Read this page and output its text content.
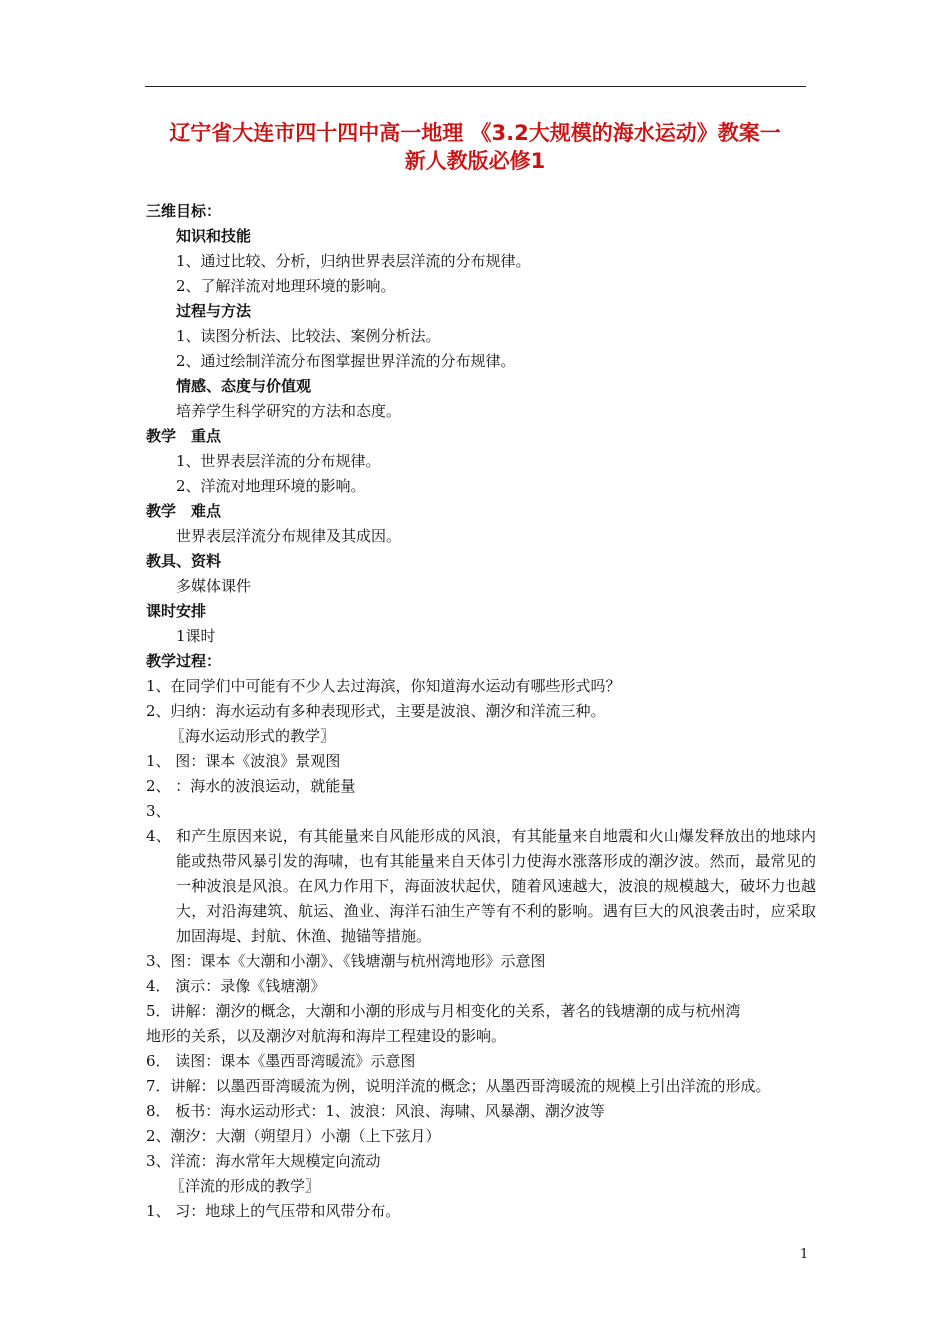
辽宁省大连市四十四中高一地理 《3.2大规模的海水运动》教案一
新人教版必修1
三维目标：
知识和技能
1、通过比较、分析，归纳世界表层洋流的分布规律。
2、了解洋流对地理环境的影响。
过程与方法
1、读图分析法、比较法、案例分析法。
2、通过绘制洋流分布图掌握世界洋流的分布规律。
情感、态度与价值观
培养学生科学研究的方法和态度。
教学　重点
1、世界表层洋流的分布规律。
2、洋流对地理环境的影响。
教学　难点
世界表层洋流分布规律及其成因。
教具、资料
多媒体课件
课时安排
1课时
教学过程：
1、在同学们中可能有不少人去过海滨，你知道海水运动有哪些形式吗？
2、归纳：海水运动有多种表现形式，主要是波浪、潮汐和洋流三种。
〖海水运动形式的教学〗
1、 图：课本《波浪》景观图
2、 ：海水的波浪运动，就能量
3、
4、 和产生原因来说，有其能量来自风能形成的风浪，有其能量来自地震和火山爆发释放出的地球内能或热带风暴引发的海啸，也有其能量来自天体引力使海水涨落形成的潮汐波。然而，最常见的一种波浪是风浪。在风力作用下，海面波状起伏，随着风速越大，波浪的规模越大，破坏力也越大，对沿海建筑、航运、渔业、海洋石油生产等有不利的影响。遇有巨大的风浪袭击时，应采取加固海堤、封航、休渔、抛锚等措施。
3、图：课本《大潮和小潮》、《钱塘潮与杭州湾地形》示意图
4． 演示：录像《钱塘潮》
5．讲解：潮汐的概念，大潮和小潮的形成与月相变化的关系，著名的钱塘潮的成与杭州湾
地形的关系，以及潮汐对航海和海岸工程建设的影响。
6． 读图：课本《墨西哥湾暖流》示意图
7．讲解：以墨西哥湾暖流为例，说明洋流的概念；从墨西哥湾暖流的规模上引出洋流的形成。
8． 板书：海水运动形式：1、波浪：风浪、海啸、风暴潮、潮汐波等
2、潮汐：大潮（朔望月）小潮（上下弦月）
3、洋流：海水常年大规模定向流动
〖洋流的形成的教学〗
1、 习：地球上的气压带和风带分布。
1
